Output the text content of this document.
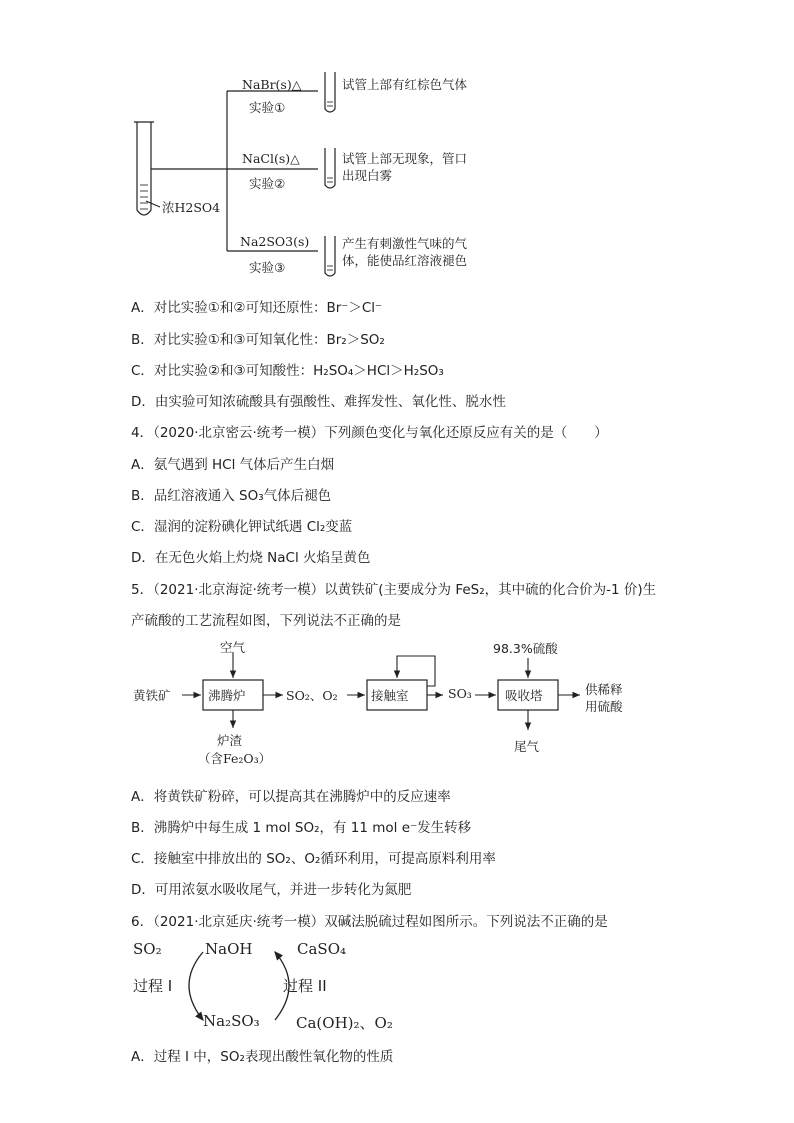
NaBr(s)△
实验①
NaCl(s)△
实验②
Na2SO3(s)
实验③
浓H2SO4
试管上部有红棕色气体
试管上部无现象，管口
出现白雾
产生有刺激性气味的气
体，能使品红溶液褪色
A．对比实验①和②可知还原性：Br⁻＞Cl⁻
B．对比实验①和③可知氧化性：Br₂＞SO₂
C．对比实验②和③可知酸性：H₂SO₄＞HCl＞H₂SO₃
D．由实验可知浓硫酸具有强酸性、难挥发性、氧化性、脱水性
4．（2020·北京密云·统考一模）下列颜色变化与氧化还原反应有关的是（　　）
A．氨气遇到 HCl 气体后产生白烟
B．品红溶液通入 SO₃气体后褪色
C．湿润的淀粉碘化钾试纸遇 Cl₂变蓝
D．在无色火焰上灼烧 NaCl 火焰呈黄色
5．（2021·北京海淀·统考一模）以黄铁矿(主要成分为 FeS₂，其中硫的化合价为-1 价)生
产硫酸的工艺流程如图，下列说法不正确的是
空气
黄铁矿	沸腾炉	SO₂、O₂	接触室	SO₃	吸收塔
98.3%硫酸
供稀释
用硫酸
炉渣
（含Fe₂O₃）
尾气
A．将黄铁矿粉碎，可以提高其在沸腾炉中的反应速率
B．沸腾炉中每生成 1 mol SO₂，有 11 mol e⁻发生转移
C．接触室中排放出的 SO₂、O₂循环利用，可提高原料利用率
D．可用浓氨水吸收尾气，并进一步转化为氮肥
6．（2021·北京延庆·统考一模）双碱法脱硫过程如图所示。下列说法不正确的是
SO₂	NaOH	CaSO₄
过程 I	过程 II
Na₂SO₃ Ca(OH)₂、O₂
A．过程 I 中，SO₂表现出酸性氧化物的性质
